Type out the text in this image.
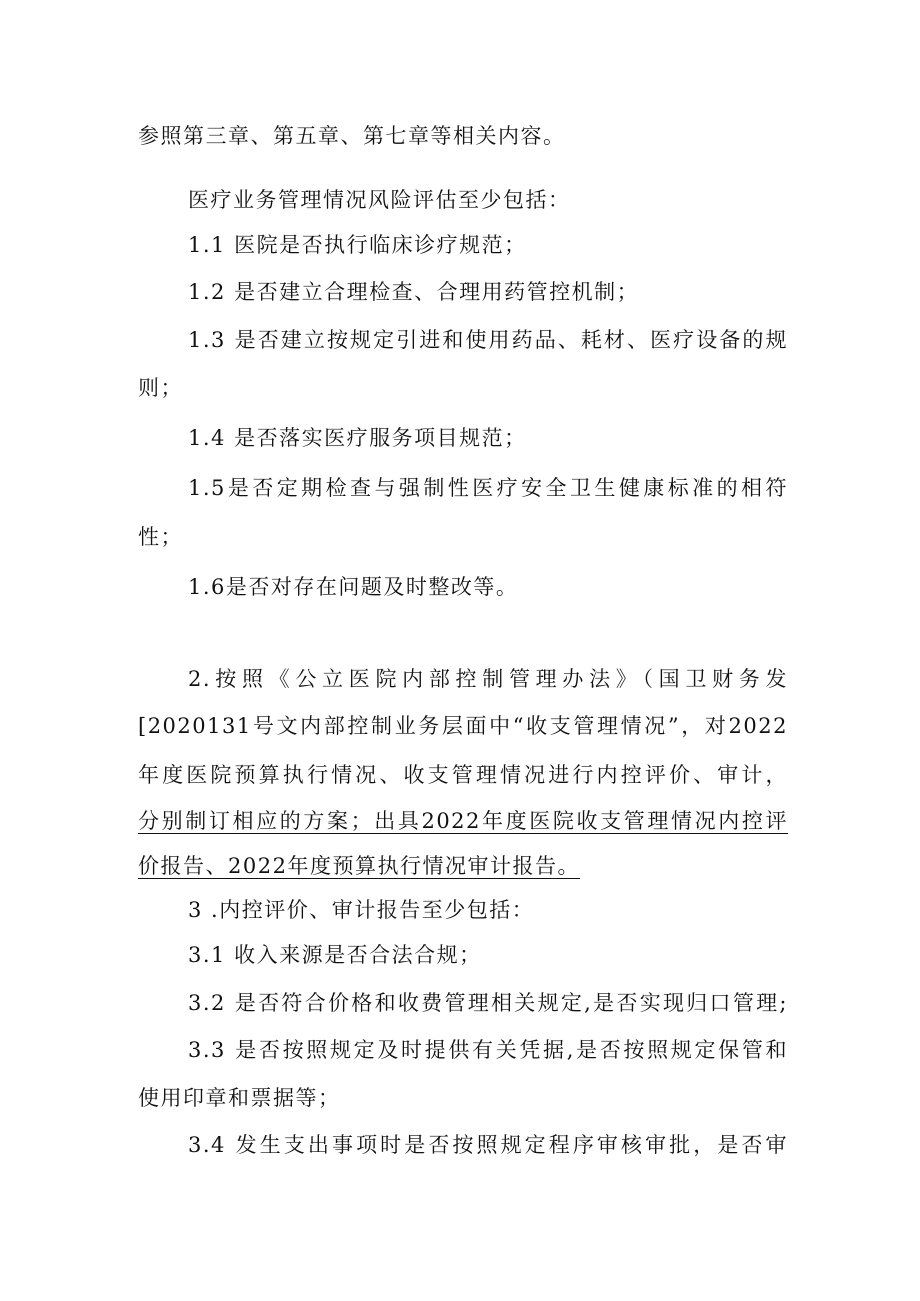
参照第三章、第五章、第七章等相关内容。
医疗业务管理情况风险评估至少包括：
1.1 医院是否执行临床诊疗规范；
1.2 是否建立合理检查、合理用药管控机制；
1.3 是否建立按规定引进和使用药品、耗材、医疗设备的规
则；
1.4 是否落实医疗服务项目规范；
1.5是否定期检查与强制性医疗安全卫生健康标准的相符
性；
1.6是否对存在问题及时整改等。
2.按照《公立医院内部控制管理办法》（国卫财务发
[2020131号文内部控制业务层面中“收支管理情况”，对2022
年度医院预算执行情况、收支管理情况进行内控评价、审计，
分别制订相应的方案；出具2022年度医院收支管理情况内控评
价报告、2022年度预算执行情况审计报告。
3 .内控评价、审计报告至少包括：
3.1 收入来源是否合法合规；
3.2 是否符合价格和收费管理相关规定,是否实现归口管理;
3.3 是否按照规定及时提供有关凭据,是否按照规定保管和
使用印章和票据等；
3.4 发生支出事项时是否按照规定程序审核审批，是否审
